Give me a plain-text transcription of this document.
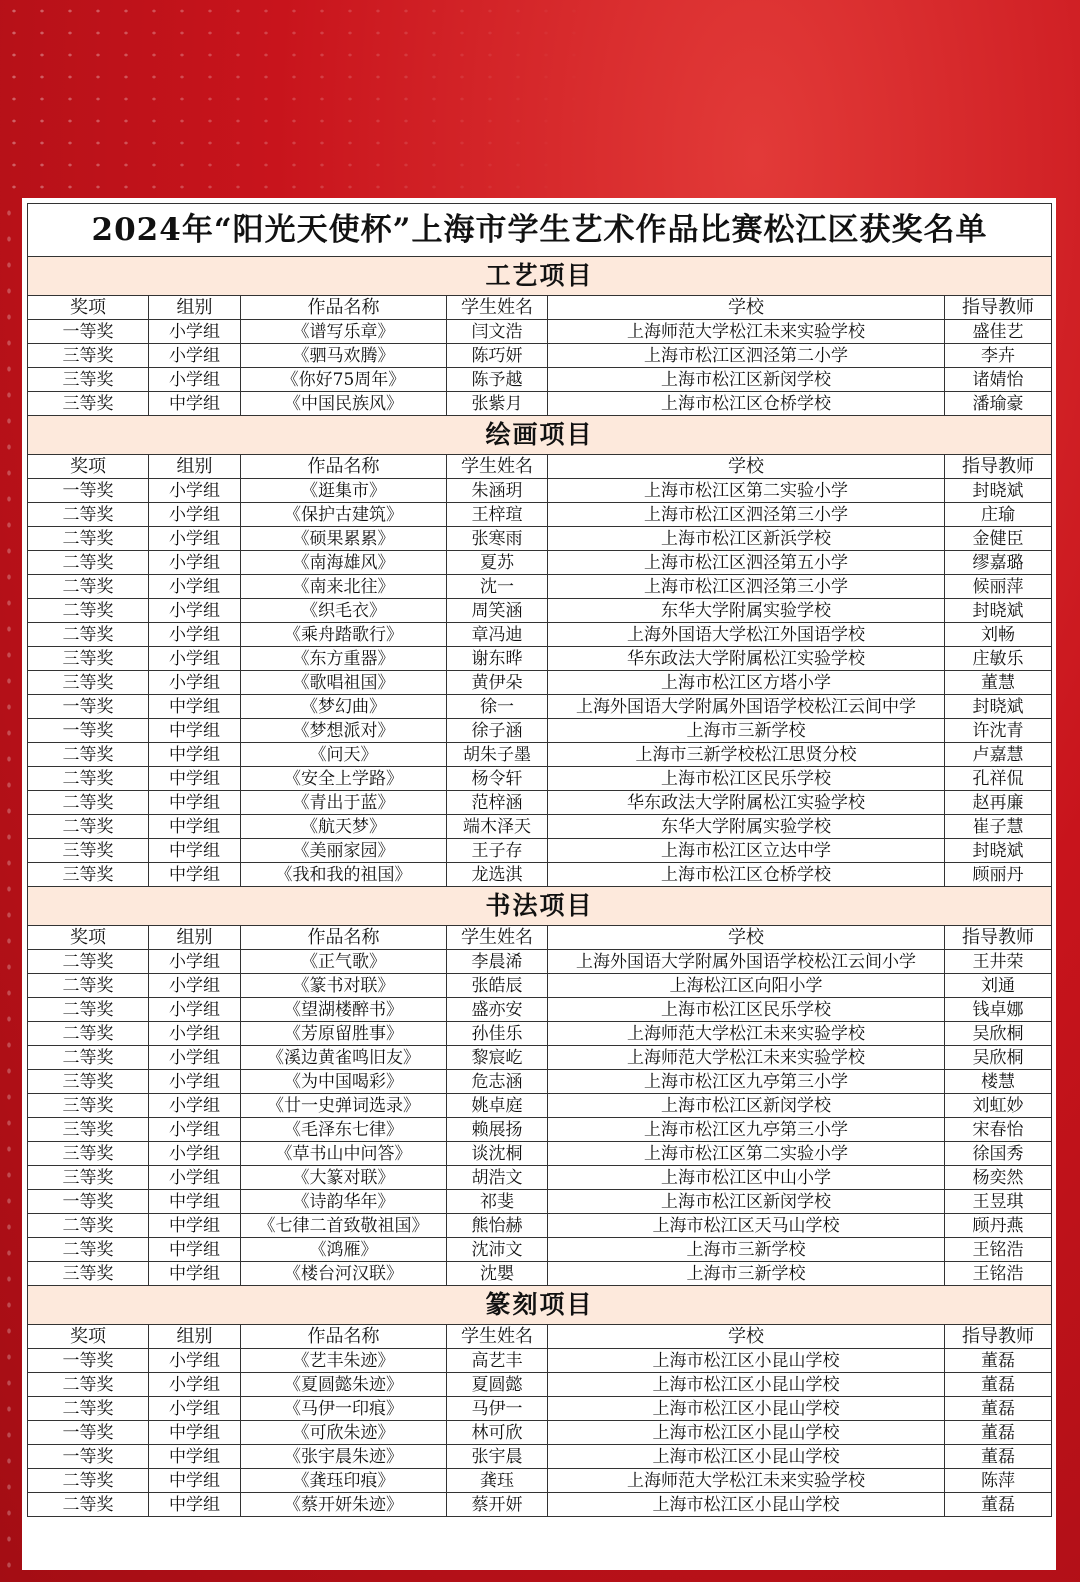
2024年“阳光天使杯”上海市学生艺术作品比赛松江区获奖名单					
工艺项目					
奖项	组别	作品名称	学生姓名	学校	指导教师
一等奖	小学组	《谱写乐章》	闫文浩	上海师范大学松江未来实验学校	盛佳艺
三等奖	小学组	《驷马欢腾》	陈巧妍	上海市松江区泗泾第二小学	李卉
三等奖	小学组	《你好75周年》	陈予越	上海市松江区新闵学校	诸婧怡
三等奖	中学组	《中国民族风》	张紫月	上海市松江区仓桥学校	潘瑜豪
绘画项目					
奖项	组别	作品名称	学生姓名	学校	指导教师
一等奖	小学组	《逛集市》	朱涵玥	上海市松江区第二实验小学	封晓斌
二等奖	小学组	《保护古建筑》	王梓瑄	上海市松江区泗泾第三小学	庄瑜
二等奖	小学组	《硕果累累》	张寒雨	上海市松江区新浜学校	金健臣
二等奖	小学组	《南海雄风》	夏苏	上海市松江区泗泾第五小学	缪嘉璐
二等奖	小学组	《南来北往》	沈一	上海市松江区泗泾第三小学	候丽萍
二等奖	小学组	《织毛衣》	周笑涵	东华大学附属实验学校	封晓斌
二等奖	小学组	《乘舟踏歌行》	章冯迪	上海外国语大学松江外国语学校	刘畅
三等奖	小学组	《东方重器》	谢东晔	华东政法大学附属松江实验学校	庄敏乐
三等奖	小学组	《歌唱祖国》	黄伊朵	上海市松江区方塔小学	董慧
一等奖	中学组	《梦幻曲》	徐一	上海外国语大学附属外国语学校松江云间中学	封晓斌
一等奖	中学组	《梦想派对》	徐子涵	上海市三新学校	许沈青
二等奖	中学组	《问天》	胡朱子墨	上海市三新学校松江思贤分校	卢嘉慧
二等奖	中学组	《安全上学路》	杨令轩	上海市松江区民乐学校	孔祥侃
二等奖	中学组	《青出于蓝》	范梓涵	华东政法大学附属松江实验学校	赵再廉
二等奖	中学组	《航天梦》	端木泽天	东华大学附属实验学校	崔子慧
三等奖	中学组	《美丽家园》	王子存	上海市松江区立达中学	封晓斌
三等奖	中学组	《我和我的祖国》	龙选淇	上海市松江区仓桥学校	顾丽丹
书法项目					
奖项	组别	作品名称	学生姓名	学校	指导教师
二等奖	小学组	《正气歌》	李晨浠	上海外国语大学附属外国语学校松江云间小学	王井荣
二等奖	小学组	《篆书对联》	张皓辰	上海松江区向阳小学	刘通
二等奖	小学组	《望湖楼醉书》	盛亦安	上海市松江区民乐学校	钱卓娜
二等奖	小学组	《芳原留胜事》	孙佳乐	上海师范大学松江未来实验学校	吴欣桐
二等奖	小学组	《溪边黄雀鸣旧友》	黎宸屹	上海师范大学松江未来实验学校	吴欣桐
三等奖	小学组	《为中国喝彩》	危志涵	上海市松江区九亭第三小学	楼慧
三等奖	小学组	《廿一史弹词选录》	姚卓庭	上海市松江区新闵学校	刘虹妙
三等奖	小学组	《毛泽东七律》	赖展扬	上海市松江区九亭第三小学	宋春怡
三等奖	小学组	《草书山中问答》	谈沈桐	上海市松江区第二实验小学	徐国秀
三等奖	小学组	《大篆对联》	胡浩文	上海市松江区中山小学	杨奕然
一等奖	中学组	《诗韵华年》	祁斐	上海市松江区新闵学校	王昱琪
二等奖	中学组	《七律二首致敬祖国》	熊怡赫	上海市松江区天马山学校	顾丹燕
二等奖	中学组	《鸿雁》	沈沛文	上海市三新学校	王铭浩
三等奖	中学组	《楼台河汉联》	沈嬰	上海市三新学校	王铭浩
篆刻项目					
奖项	组别	作品名称	学生姓名	学校	指导教师
一等奖	小学组	《艺丰朱迹》	高艺丰	上海市松江区小昆山学校	董磊
二等奖	小学组	《夏圆懿朱迹》	夏圆懿	上海市松江区小昆山学校	董磊
二等奖	小学组	《马伊一印痕》	马伊一	上海市松江区小昆山学校	董磊
一等奖	中学组	《可欣朱迹》	林可欣	上海市松江区小昆山学校	董磊
一等奖	中学组	《张宇晨朱迹》	张宇晨	上海市松江区小昆山学校	董磊
二等奖	中学组	《龚珏印痕》	龚珏	上海师范大学松江未来实验学校	陈萍
二等奖	中学组	《蔡开妍朱迹》	蔡开妍	上海市松江区小昆山学校	董磊
